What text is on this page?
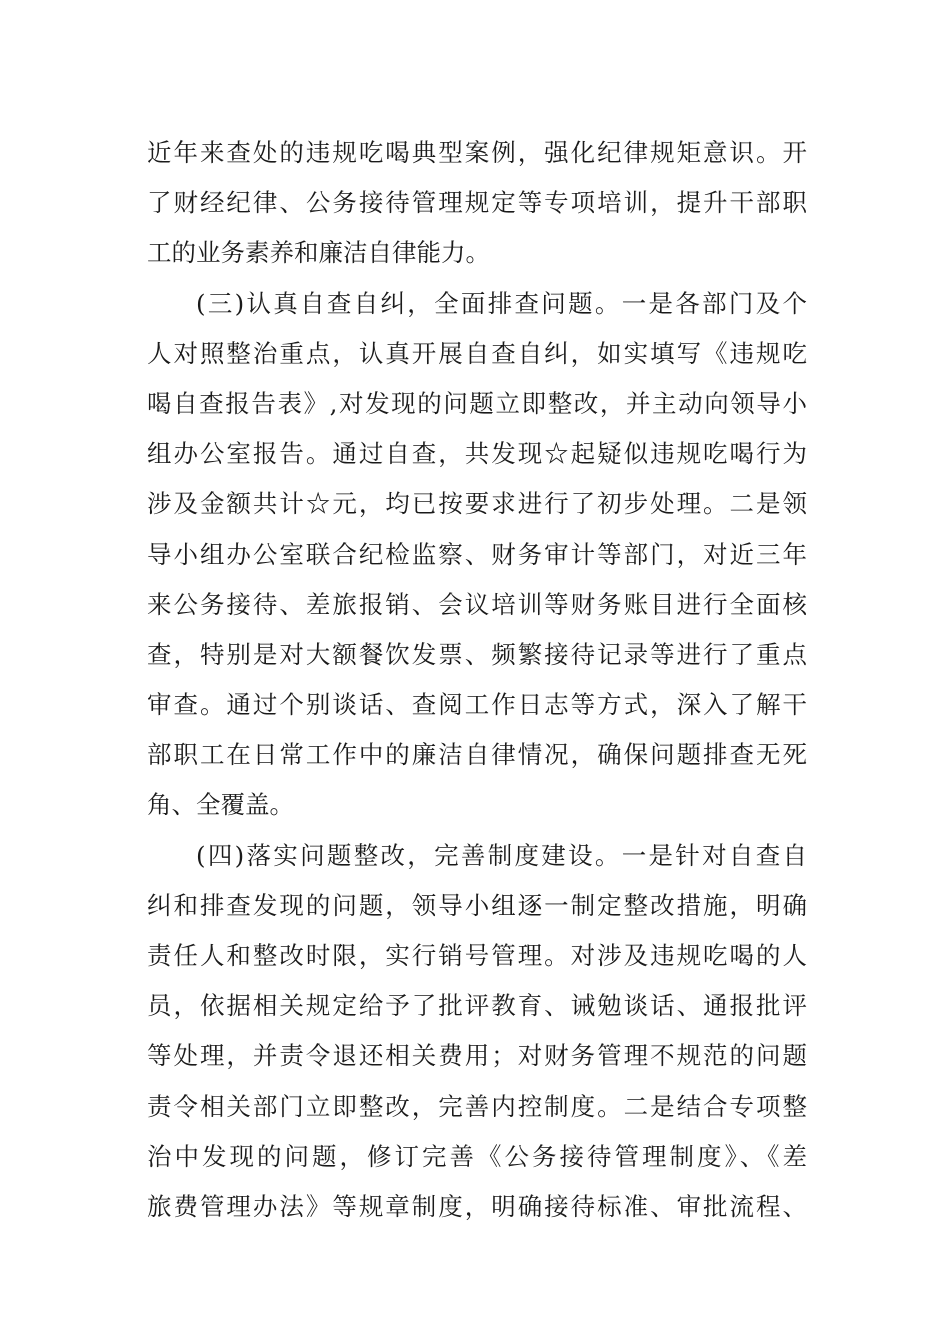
近年来查处的违规吃喝典型案例，强化纪律规矩意识。开
了财经纪律、公务接待管理规定等专项培训，提升干部职
工的业务素养和廉洁自律能力。
(三)认真自查自纠，全面排查问题。一是各部门及个
人对照整治重点，认真开展自查自纠，如实填写《违规吃
喝自查报告表》,对发现的问题立即整改，并主动向领导小
组办公室报告。通过自查，共发现☆起疑似违规吃喝行为
涉及金额共计☆元，均已按要求进行了初步处理。二是领
导小组办公室联合纪检监察、财务审计等部门，对近三年
来公务接待、差旅报销、会议培训等财务账目进行全面核
查，特别是对大额餐饮发票、频繁接待记录等进行了重点
审查。通过个别谈话、查阅工作日志等方式，深入了解干
部职工在日常工作中的廉洁自律情况，确保问题排查无死
角、全覆盖。
(四)落实问题整改，完善制度建设。一是针对自查自
纠和排查发现的问题，领导小组逐一制定整改措施，明确
责任人和整改时限，实行销号管理。对涉及违规吃喝的人
员，依据相关规定给予了批评教育、诫勉谈话、通报批评
等处理，并责令退还相关费用；对财务管理不规范的问题
责令相关部门立即整改，完善内控制度。二是结合专项整
治中发现的问题，修订完善《公务接待管理制度》、《差
旅费管理办法》等规章制度，明确接待标准、审批流程、
